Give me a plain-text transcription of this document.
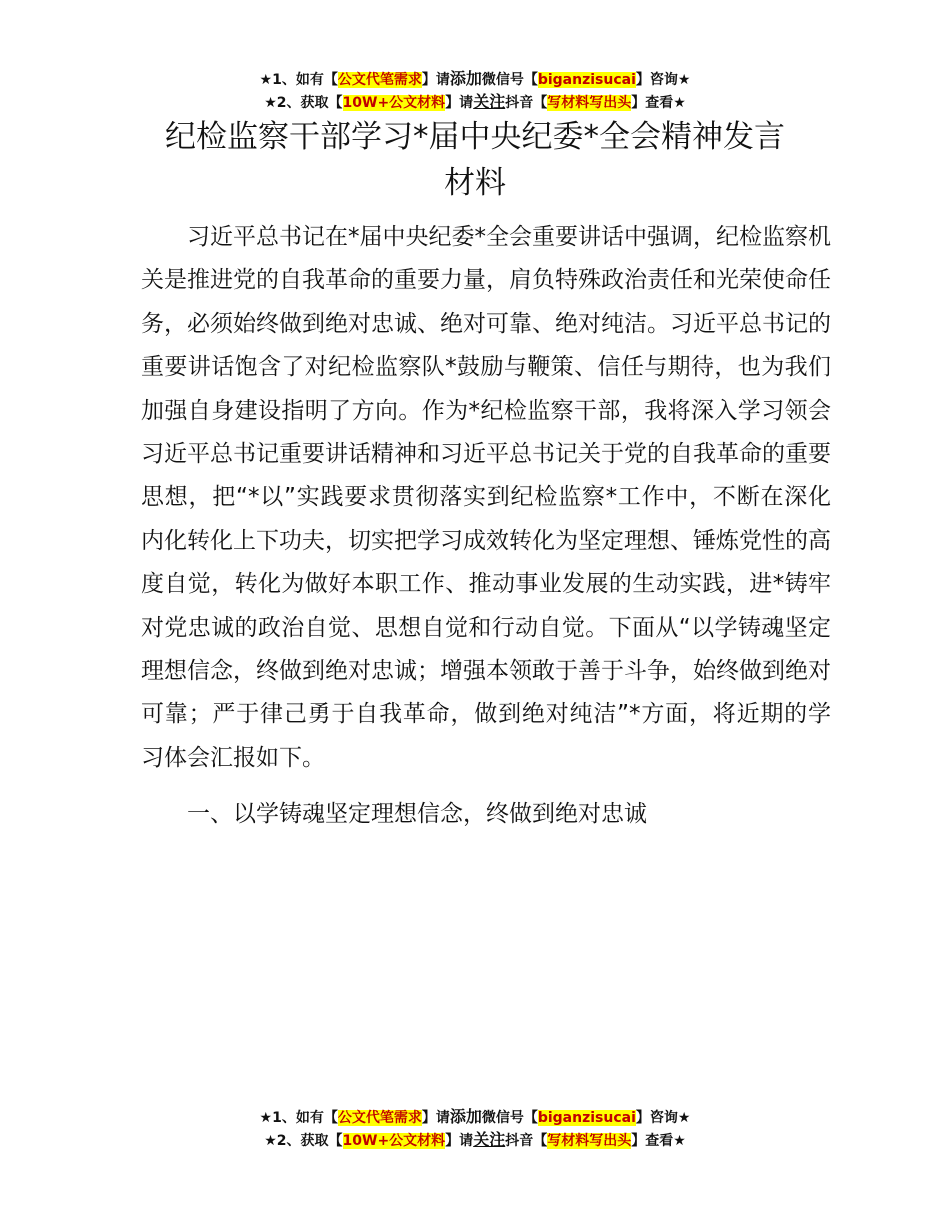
★1、如有【公文代笔需求】请添加微信号【biganzisucai】咨询★
★2、获取【10W+公文材料】请关注抖音【写材料写出头】查看★
纪检监察干部学习*届中央纪委*全会精神发言
材料

习近平总书记在*届中央纪委*全会重要讲话中强调，纪检监察机关是推进党的自我革命的重要力量，肩负特殊政治责任和光荣使命任务，必须始终做到绝对忠诚、绝对可靠、绝对纯洁。习近平总书记的重要讲话饱含了对纪检监察队*鼓励与鞭策、信任与期待，也为我们加强自身建设指明了方向。作为*纪检监察干部，我将深入学习领会习近平总书记重要讲话精神和习近平总书记关于党的自我革命的重要思想，把“*以”实践要求贯彻落实到纪检监察*工作中，不断在深化内化转化上下功夫，切实把学习成效转化为坚定理想、锤炼党性的高度自觉，转化为做好本职工作、推动事业发展的生动实践，进*铸牢对党忠诚的政治自觉、思想自觉和行动自觉。下面从“以学铸魂坚定理想信念，终做到绝对忠诚；增强本领敢于善于斗争，始终做到绝对可靠；严于律己勇于自我革命，做到绝对纯洁”*方面，将近期的学习体会汇报如下。

一、以学铸魂坚定理想信念，终做到绝对忠诚

★1、如有【公文代笔需求】请添加微信号【biganzisucai】咨询★
★2、获取【10W+公文材料】请关注抖音【写材料写出头】查看★
